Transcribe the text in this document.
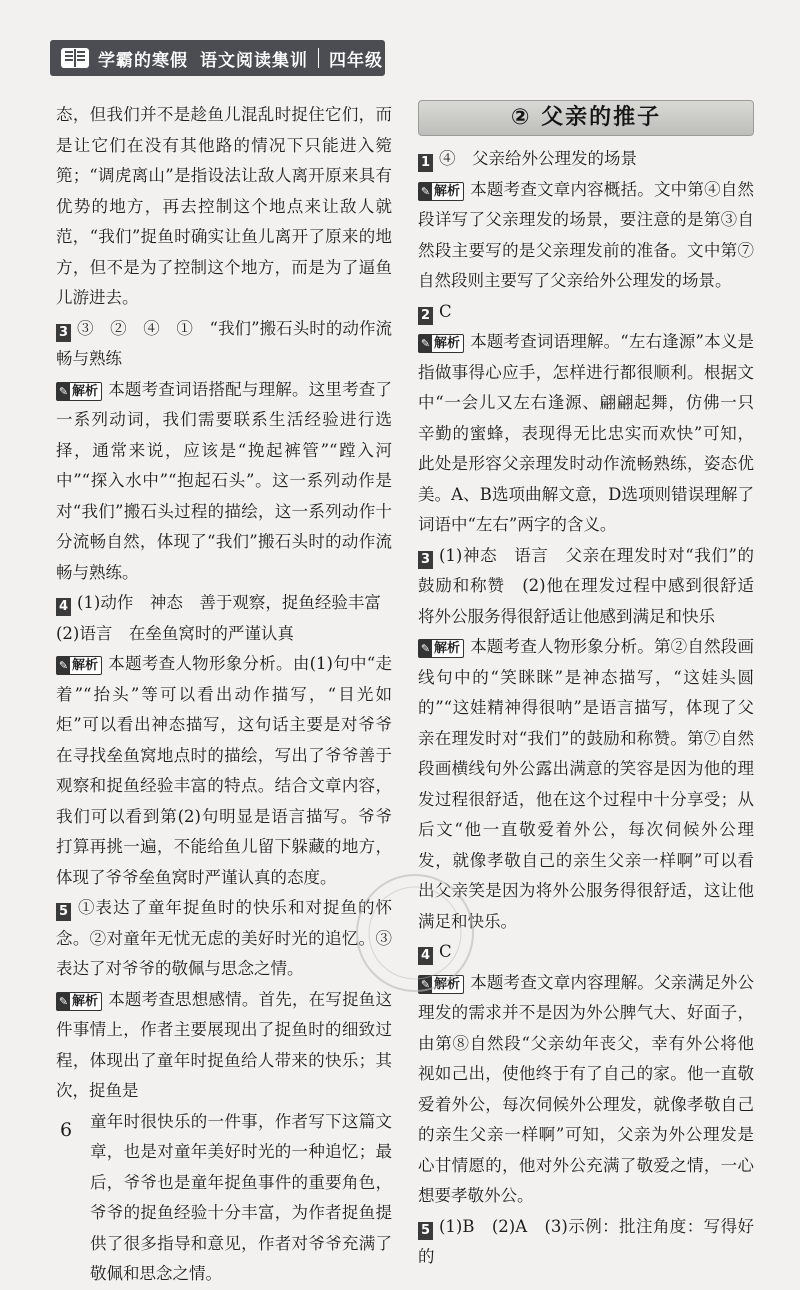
学霸的寒假 语文阅读集训 四年级

态，但我们并不是趁鱼儿混乱时捉住它们，而是让它们在没有其他路的情况下只能进入箢篼；“调虎离山”是指设法让敌人离开原来具有优势的地方，再去控制这个地点来让敌人就范，“我们”捉鱼时确实让鱼儿离开了原来的地方，但不是为了控制这个地方，而是为了逼鱼儿游进去。

3 ③　②　④　①　“我们”搬石头时的动作流畅与熟练

✎ 解析 本题考查词语搭配与理解。这里考查了一系列动词，我们需要联系生活经验进行选择，通常来说，应该是“挽起裤管”“蹚入河中”“探入水中”“抱起石头”。这一系列动作是对“我们”搬石头过程的描绘，这一系列动作十分流畅自然，体现了“我们”搬石头时的动作流畅与熟练。

4 (1)动作　神态　善于观察，捉鱼经验丰富

(2)语言　在垒鱼窝时的严谨认真

✎ 解析 本题考查人物形象分析。由(1)句中“走着”“抬头”等可以看出动作描写，“目光如炬”可以看出神态描写，这句话主要是对爷爷在寻找垒鱼窝地点时的描绘，写出了爷爷善于观察和捉鱼经验丰富的特点。结合文章内容，我们可以看到第(2)句明显是语言描写。爷爷打算再挑一遍，不能给鱼儿留下躲藏的地方，体现了爷爷垒鱼窝时严谨认真的态度。

5 ①表达了童年捉鱼时的快乐和对捉鱼的怀念。②对童年无忧无虑的美好时光的追忆。③表达了对爷爷的敬佩与思念之情。

✎ 解析 本题考查思想感情。首先，在写捉鱼这件事情上，作者主要展现出了捉鱼时的细致过程，体现出了童年时捉鱼给人带来的快乐；其次，捉鱼是

童年时很快乐的一件事，作者写下这篇文章，也是对童年美好时光的一种追忆；最后，爷爷也是童年捉鱼事件的重要角色，爷爷的捉鱼经验十分丰富，为作者捉鱼提供了很多指导和意见，作者对爷爷充满了敬佩和思念之情。

② 父亲的推子

1 ④　父亲给外公理发的场景

✎ 解析 本题考查文章内容概括。文中第④自然段详写了父亲理发的场景，要注意的是第③自然段主要写的是父亲理发前的准备。文中第⑦自然段则主要写了父亲给外公理发的场景。

2 C

✎ 解析 本题考查词语理解。“左右逢源”本义是指做事得心应手，怎样进行都很顺利。根据文中“一会儿又左右逢源、翩翩起舞，仿佛一只辛勤的蜜蜂，表现得无比忠实而欢快”可知，此处是形容父亲理发时动作流畅熟练，姿态优美。A、B选项曲解文意，D选项则错误理解了词语中“左右”两字的含义。

3 (1)神态　语言　父亲在理发时对“我们”的鼓励和称赞　(2)他在理发过程中感到很舒适将外公服务得很舒适让他感到满足和快乐

✎ 解析 本题考查人物形象分析。第②自然段画线句中的“笑眯眯”是神态描写，“这娃头圆的”“这娃精神得很呐”是语言描写，体现了父亲在理发时对“我们”的鼓励和称赞。第⑦自然段画横线句外公露出满意的笑容是因为他的理发过程很舒适，他在这个过程中十分享受；从后文“他一直敬爱着外公，每次伺候外公理发，就像孝敬自己的亲生父亲一样啊”可以看出父亲笑是因为将外公服务得很舒适，这让他满足和快乐。

4 C

✎ 解析 本题考查文章内容理解。父亲满足外公理发的需求并不是因为外公脾气大、好面子，由第⑧自然段“父亲幼年丧父，幸有外公将他视如己出，使他终于有了自己的家。他一直敬爱着外公，每次伺候外公理发，就像孝敬自己的亲生父亲一样啊”可知，父亲为外公理发是心甘情愿的，他对外公充满了敬爱之情，一心想要孝敬外公。

5 (1)B　(2)A　(3)示例：批注角度：写得好的

6
